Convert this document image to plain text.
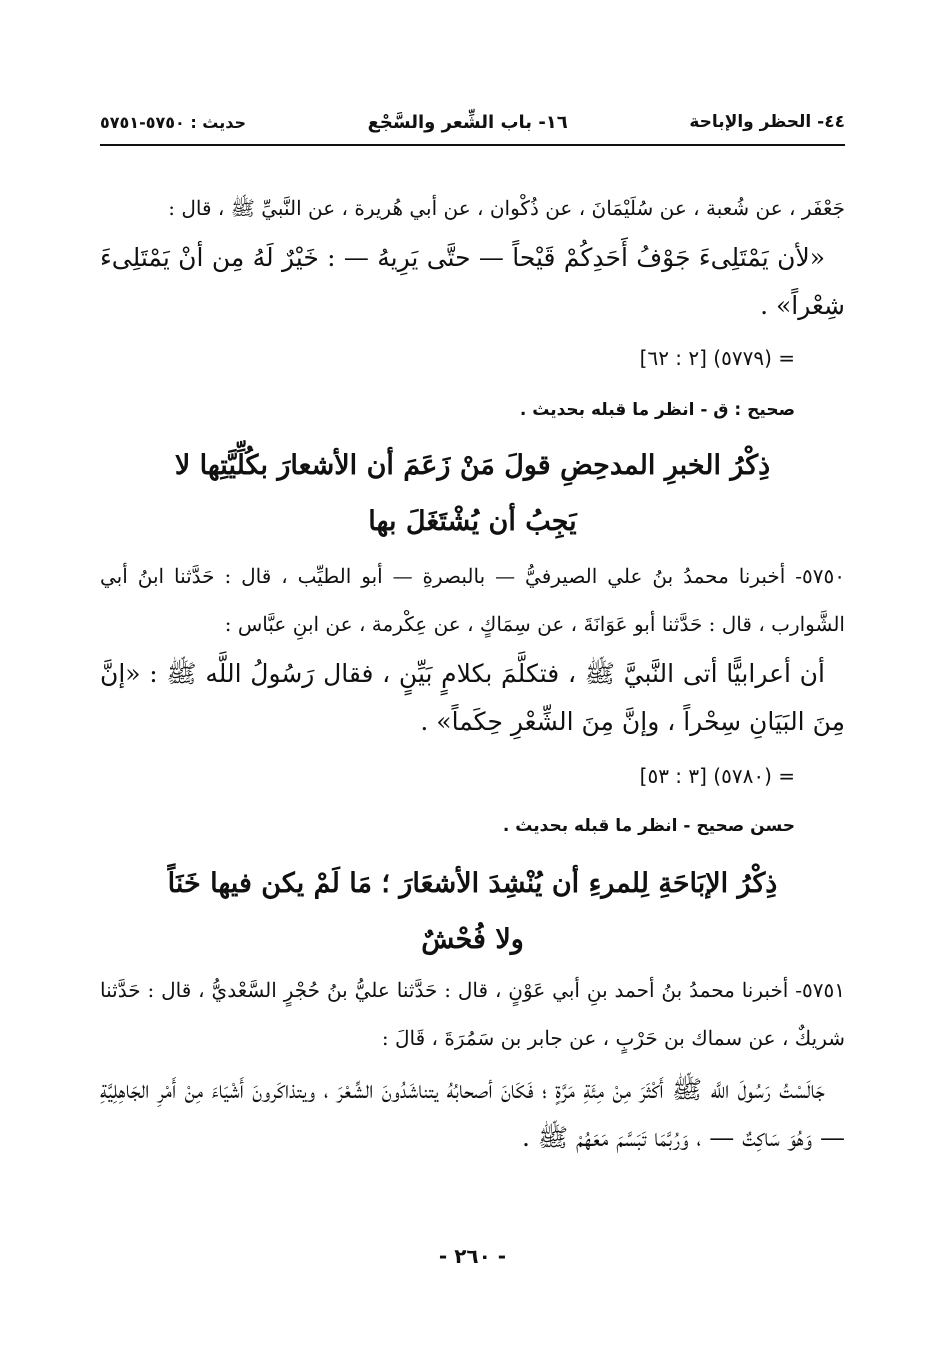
٤٤- الحظر والإباحة
١٦- باب الشِّعر والسَّجْع
حديث : ٥٧٥٠-٥٧٥١
جَعْفَر ، عن شُعبة ، عن سُلَيْمَانَ ، عن ذُكْوان ، عن أبي هُريرة ، عن النَّبيِّ ﷺ ، قال :
«لأن يَمْتَلِىءَ جَوْفُ أَحَدِكُمْ قَيْحاً — حتَّى يَرِيهُ — : خَيْرٌ لَهُ مِن أنْ يَمْتَلِىءَ شِعْراً» .
= (٥٧٧٩) [٢ : ٦٢]
صحيح : ق - انظر ما قبله بحديث .
ذِكْرُ الخبرِ المدحِضِ قولَ مَنْ زَعَمَ أن الأشعارَ بكُلِّيَّتِها لا
يَجِبُ أن يُشْتَغَلَ بها
٥٧٥٠- أخبرنا محمدُ بنُ علي الصيرفيُّ — بالبصرةِ — أبو الطيِّب ، قال : حَدَّثنا ابنُ أبي الشَّوارب ، قال : حَدَّثنا أبو عَوَانَةَ ، عن سِمَاكٍ ، عن عِكْرمة ، عن ابنِ عبَّاس :
أن أعرابيًّا أتى النَّبيَّ ﷺ ، فتكلَّمَ بكلامٍ بَيِّنٍ ، فقال رَسُولُ اللَّه ﷺ : «إنَّ مِنَ البَيَانِ سِحْراً ، وإنَّ مِنَ الشِّعْرِ حِكَماً» .
= (٥٧٨٠) [٣ : ٥٣]
حسن صحيح - انظر ما قبله بحديث .
ذِكْرُ الإبَاحَةِ لِلمرءِ أن يُنْشِدَ الأشعَارَ ؛ مَا لَمْ يكن فيها خَنَاً
ولا فُحْشٌ
٥٧٥١- أخبرنا محمدُ بنُ أحمد بنِ أبي عَوْنٍ ، قال : حَدَّثنا عليُّ بنُ حُجْرٍ السَّعْديُّ ، قال : حَدَّثنا شريكٌ ، عن سماك بن حَرْبٍ ، عن جابر بن سَمُرَةَ ، قَالَ :
جَالَسْتُ رَسُولَ اللَّه ﷺ أَكْثَرَ مِنْ مِئَةِ مَرَّةٍ ؛ فَكَانَ أصحابُهُ يتناشَدُونَ الشِّعْرَ ، ويتذاكَرونَ أَشْيَاءَ مِنْ أَمْرِ الجَاهِلِيَّةِ — وَهُوَ سَاكِتٌ — ، وَرُبَّمَا تَبَسَّمَ مَعَهُمْ ﷺ .
- ٢٦٠ -
